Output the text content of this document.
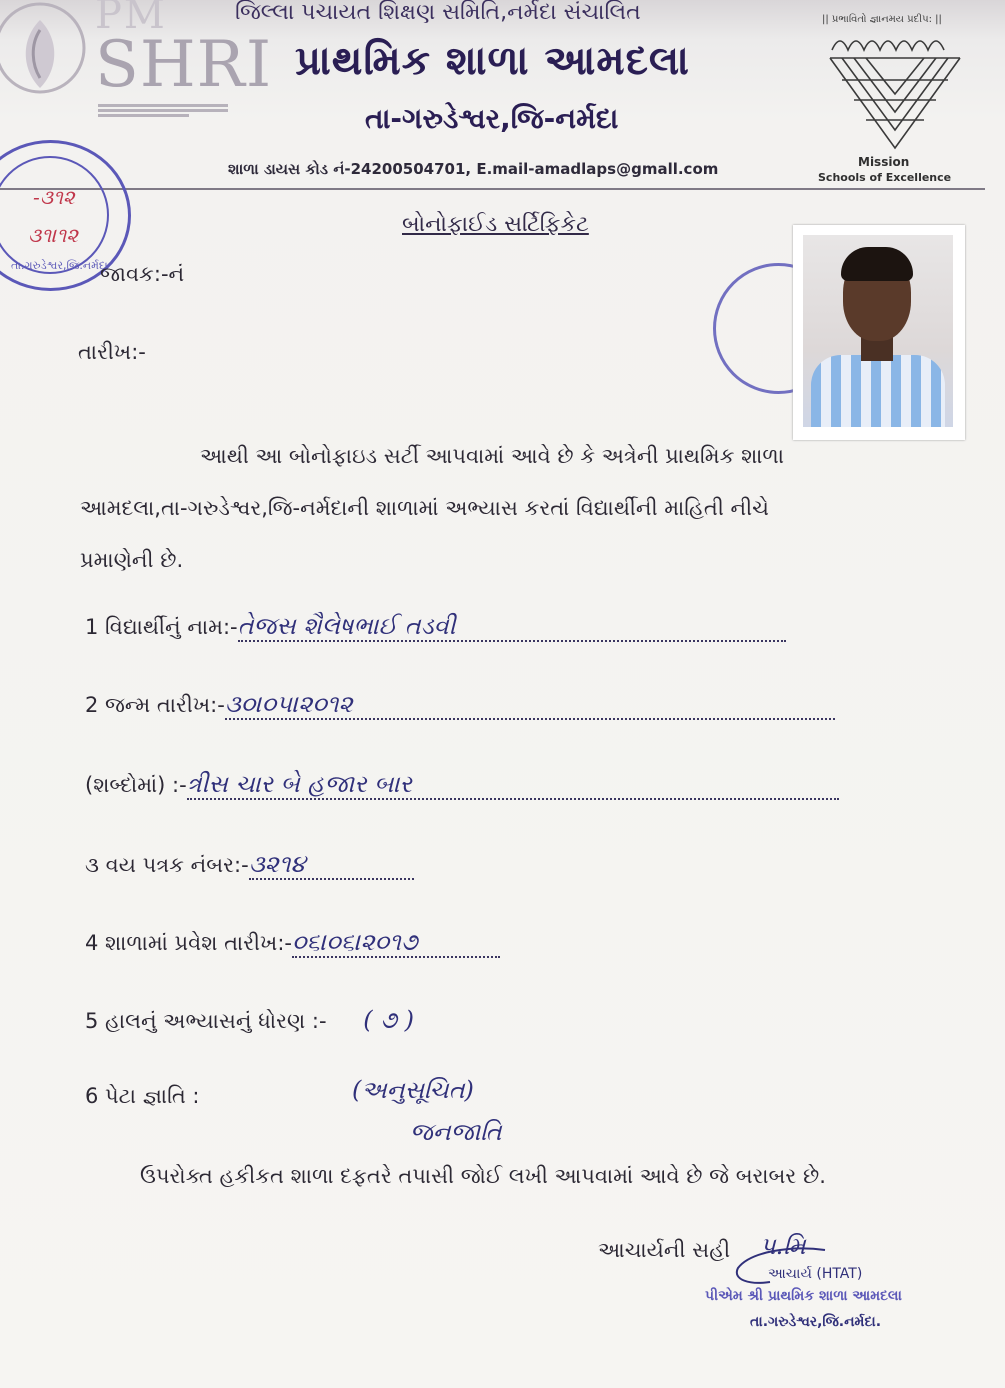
PM
SHRI
જિલ્લા પચાયત શિક્ષણ સમિતિ,નર્મદા સંચાલિત
પ્રાથમિક શાળા આમદલા
તા-ગરુડેશ્વર,જિ-નર્મદા
શાળા ડાયસ કોડ નં-24200504701, E.mail-amadlaps@gmall.com
|| પ્રભાવિતો જ્ઞાનમય પ્રદીપ: ||
Mission
Schools of Excellence
-૩૧૨
૩૧।૧૨
તા.ગરુડેશ્વર,જિ.નર્મદા
બોનોફાઈડ સર્ટિફિકેટ
જાવક:-નં
તારીખ:-
આથી આ બોનોફાઇડ સર્ટી આપવામાં આવે છે કે અત્રેની પ્રાથમિક શાળા
આમદલા,તા-ગરુડેશ્વર,જિ-નર્મદાની શાળામાં અભ્યાસ કરતાં વિદ્યાર્થીની માહિતી નીચે
પ્રમાણેની છે.
1 વિદ્યાર્થીનું નામ:-તેજસ શૈલેષભાઈ તડવી
2 જન્મ તારીખ:-૩૦।૦૫।૨૦૧૨
(શબ્દોમાં) :-ત્રીસ ચાર બે હજાર બાર
૩ વય પત્રક નંબર:-૩૨૧૪
4 શાળામાં પ્રવેશ તારીખ:-૦૬।૦૬।૨૦૧૭
5 હાલનું અભ્યાસનું ધોરણ :- ( ૭ )
6 પેટા જ્ઞાતિ :	(અનુસૂચિત)
જનજાતિ
ઉપરોક્ત હકીકત શાળા દફતરે તપાસી જોઈ લખી આપવામાં આવે છે જે બરાબર છે.
આચાર્યની સહી પ.મિ
આચાર્ય (HTAT)
પીએમ શ્રી પ્રાથમિક શાળા આમદલા
તા.ગરુડેશ્વર,જિ.નર્મદા.
